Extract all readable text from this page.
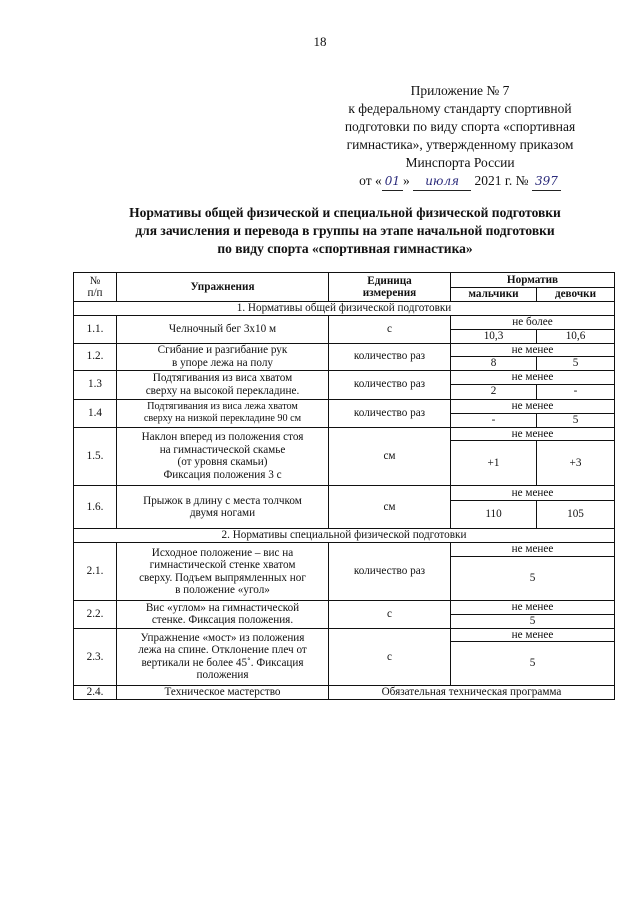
18
Приложение № 7
к федеральному стандарту спортивной
подготовки по виду спорта «спортивная
гимнастика», утвержденному приказом
Минспорта России
от « 01 » июля 2021 г. № 397
Нормативы общей физической и специальной физической подготовки
для зачисления и перевода в группы на этапе начальной подготовки
по виду спорта «спортивная гимнастика»
№
п/п	Упражнения	Единица
измерения	Норматив	
			мальчики	девочки
1. Нормативы общей физической подготовки				
1.1.	Челночный бег 3х10 м	с	не более	
			10,3	10,6
1.2.	Сгибание и разгибание рук
в упоре лежа на полу	количество раз	не менее	
			8	5
1.3	Подтягивания из виса хватом
сверху на высокой перекладине.	количество раз	не менее	
			2	-
1.4	Подтягивания из виса лежа хватом
сверху на низкой перекладине 90 см	количество раз	не менее	
			-	5
1.5.	Наклон вперед из положения стоя
на гимнастической скамье
(от уровня скамьи)
Фиксация положения 3 с	см	не менее	
			+1	+3
1.6.	Прыжок в длину с места толчком
двумя ногами	см	не менее	
			110	105
2. Нормативы специальной физической подготовки				
2.1.	Исходное положение – вис на
гимнастической стенке хватом
сверху. Подъем выпрямленных ног
в положение «угол»	количество раз	не менее	
			5	
2.2.	Вис «углом» на гимнастической
стенке. Фиксация положения.	с	не менее	
			5	
2.3.	Упражнение «мост» из положения
лежа на спине. Отклонение плеч от
вертикали не более 45˚. Фиксация
положения	с	не менее	
			5	
2.4.	Техническое мастерство	Обязательная техническая программа		
